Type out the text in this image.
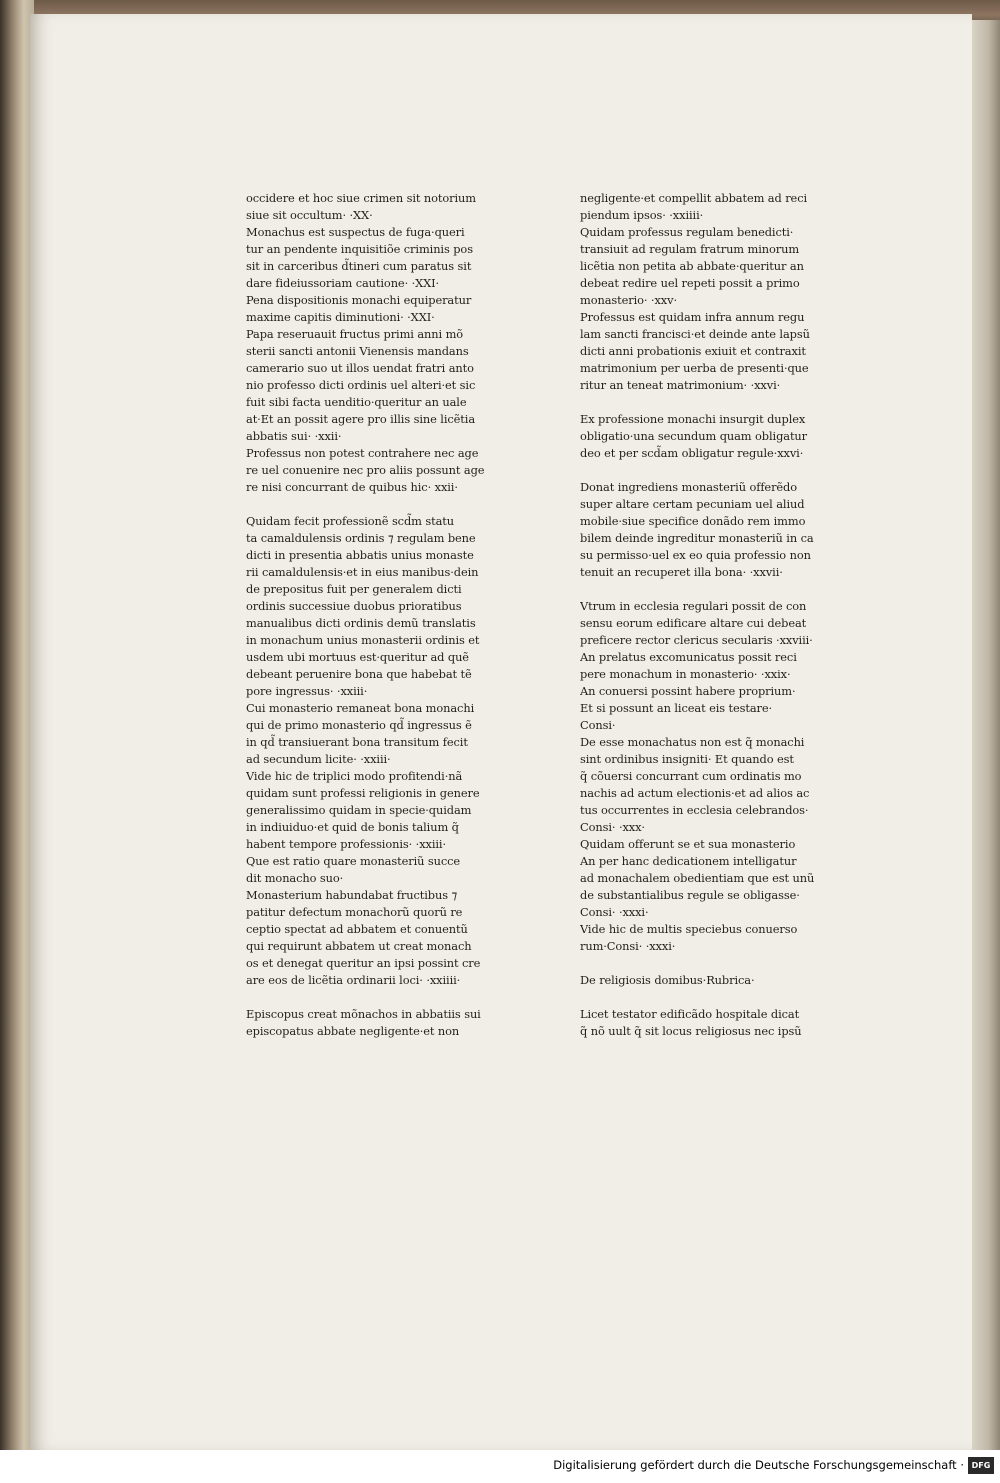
occidere et hoc siue crimen sit notorium
siue sit occultum· ·XX·
Monachus est suspectus de fuga·queri
tur an pendente inquisitiõe criminis pos
sit in carceribus d̃tineri cum paratus sit
dare fideiussoriam cautione· ·XXI·
Pena dispositionis monachi equiperatur
maxime capitis diminutioni· ·XXI·
Papa reseruauit fructus primi anni mõ
sterii sancti antonii Vienensis mandans
camerario suo ut illos uendat fratri anto
nio professo dicti ordinis uel alteri·et sic
fuit sibi facta uenditio·queritur an uale
at·Et an possit agere pro illis sine licẽtia
abbatis sui· ·xxii·
Professus non potest contrahere nec age
re uel conuenire nec pro aliis possunt age
re nisi concurrant de quibus hic· xxii·
Quidam fecit professionẽ scd̃m statu
ta camaldulensis ordinis ⁊ regulam bene
dicti in presentia abbatis unius monaste
rii camaldulensis·et in eius manibus·dein
de prepositus fuit per generalem dicti
ordinis successiue duobus prioratibus
manualibus dicti ordinis demũ translatis
in monachum unius monasterii ordinis et
usdem ubi mortuus est·queritur ad quẽ
debeant peruenire bona que habebat tẽ
pore ingressus· ·xxiii·
Cui monasterio remaneat bona monachi
qui de primo monasterio qd̃ ingressus ẽ
in qd̃ transiuerant bona transitum fecit
ad secundum licite· ·xxiii·
Vide hic de triplici modo profitendi·nã
quidam sunt professi religionis in genere
generalissimo quidam in specie·quidam
in indiuiduo·et quid de bonis talium q̃
habent tempore professionis· ·xxiii·
Que est ratio quare monasteriũ succe
dit monacho suo·
Monasterium habundabat fructibus ⁊
patitur defectum monachorũ quorũ re
ceptio spectat ad abbatem et conuentũ
qui requirunt abbatem ut creat monach
os et denegat queritur an ipsi possint cre
are eos de licẽtia ordinarii loci· ·xxiiii·
Episcopus creat mõnachos in abbatiis sui
episcopatus abbate negligente·et non
negligente·et compellit abbatem ad reci
piendum ipsos· ·xxiiii·
Quidam professus regulam benedicti·
transiuit ad regulam fratrum minorum
licẽtia non petita ab abbate·queritur an
debeat redire uel repeti possit a primo
monasterio· ·xxv·
Professus est quidam infra annum regu
lam sancti francisci·et deinde ante lapsũ
dicti anni probationis exiuit et contraxit
matrimonium per uerba de presenti·que
ritur an teneat matrimonium· ·xxvi·
Ex professione monachi insurgit duplex
obligatio·una secundum quam obligatur
deo et per scd̃am obligatur regule·xxvi·
Donat ingrediens monasteriũ offerẽdo
super altare certam pecuniam uel aliud
mobile·siue specifice donãdo rem immo
bilem deinde ingreditur monasteriũ in ca
su permisso·uel ex eo quia professio non
tenuit an recuperet illa bona· ·xxvii·
Vtrum in ecclesia regulari possit de con
sensu eorum edificare altare cui debeat
preficere rector clericus secularis ·xxviii·
An prelatus excomunicatus possit reci
pere monachum in monasterio· ·xxix·
An conuersi possint habere proprium·
Et si possunt an liceat eis testare·
Consi·
De esse monachatus non est q̃ monachi
sint ordinibus insigniti· Et quando est
q̃ cõuersi concurrant cum ordinatis mo
nachis ad actum electionis·et ad alios ac
tus occurrentes in ecclesia celebrandos·
Consi· ·xxx·
Quidam offerunt se et sua monasterio
An per hanc dedicationem intelligatur
ad monachalem obedientiam que est unũ
de substantialibus regule se obligasse·
Consi· ·xxxi·
Vide hic de multis speciebus conuerso
rum·Consi· ·xxxi·
De religiosis domibus·Rubrica·
Licet testator edificãdo hospitale dicat
q̃ nõ uult q̃ sit locus religiosus nec ipsũ
Digitalisierung gefördert durch die Deutsche Forschungsgemeinschaft · DFG
